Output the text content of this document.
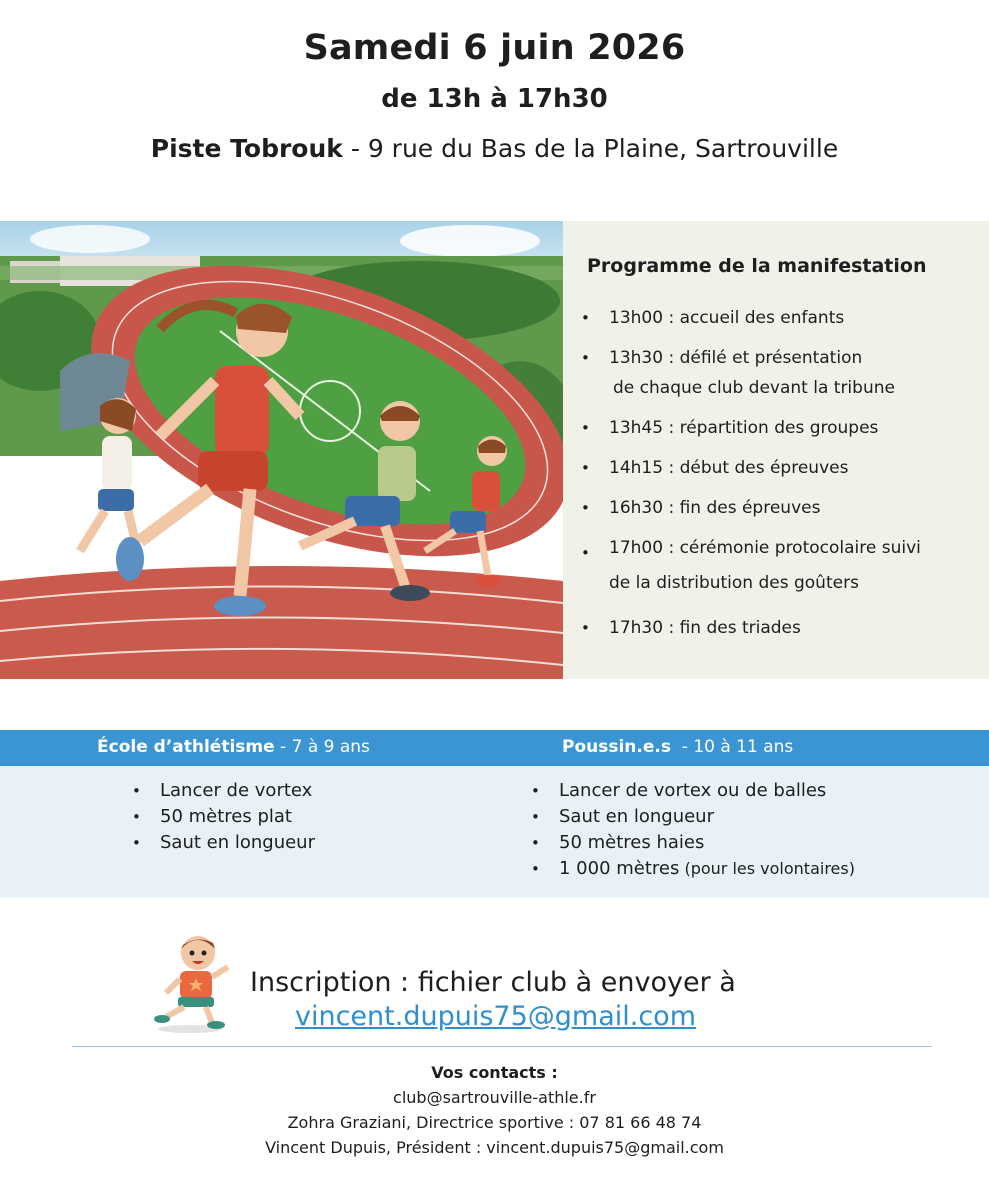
Samedi 6 juin 2026
de 13h à 17h30
Piste Tobrouk - 9 rue du Bas de la Plaine, Sartrouville
Programme de la manifestation
• 13h00 : accueil des enfants
• 13h30 : défilé et présentation
de chaque club devant la tribune
• 13h45 : répartition des groupes
• 14h15 : début des épreuves
• 16h30 : fin des épreuves
• 17h00 : cérémonie protocolaire suivi
de la distribution des goûters
• 17h30 : fin des triades
École d’athlétisme - 7 à 9 ans	Poussin.e.s  - 10 à 11 ans
• Lancer de vortex
• 50 mètres plat
• Saut en longueur
• Lancer de vortex ou de balles
• Saut en longueur
• 50 mètres haies
• 1 000 mètres (pour les volontaires)
Inscription : fichier club à envoyer à
vincent.dupuis75@gmail.com
Vos contacts :
club@sartrouville-athle.fr
Zohra Graziani, Directrice sportive : 07 81 66 48 74
Vincent Dupuis, Président : vincent.dupuis75@gmail.com
